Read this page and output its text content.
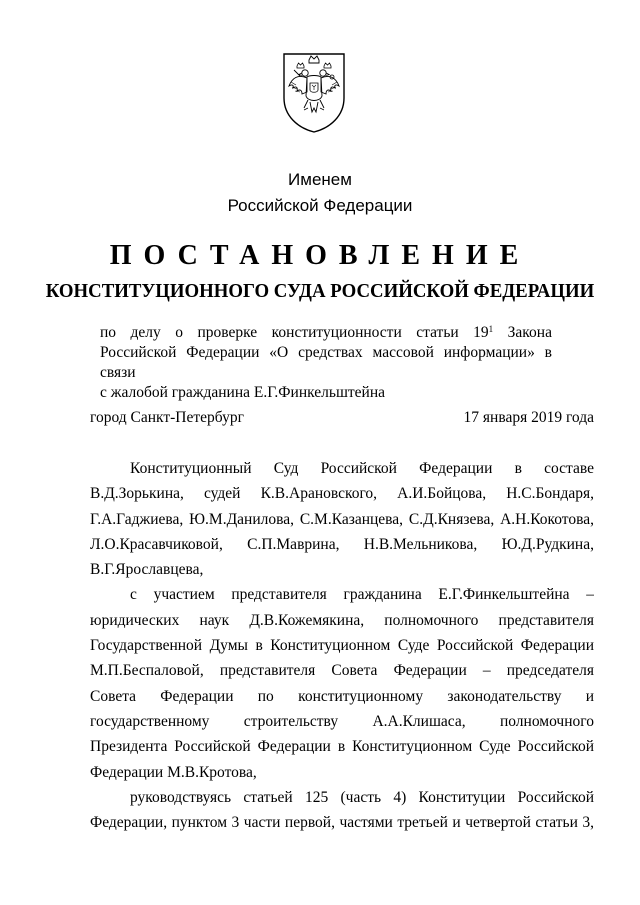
Именем
Российской Федерации
ПОСТАНОВЛЕНИЕ
КОНСТИТУЦИОННОГО СУДА РОССИЙСКОЙ ФЕДЕРАЦИИ
по делу о проверке конституционности статьи $19^1$ Закона
Российской Федерации «О средствах массовой информации» в связи
с жалобой гражданина Е.Г.Финкельштейна
город Санкт-Петербург	17 января 2019 года
Конституционный Суд Российской Федерации в составе
В.Д.Зорькина, судей К.В.Арановского, А.И.Бойцова, Н.С.Бондаря,
Г.А.Гаджиева, Ю.М.Данилова, С.М.Казанцева, С.Д.Князева, А.Н.Кокотова,
Л.О.Красавчиковой, С.П.Маврина, Н.В.Мельникова, Ю.Д.Рудкина,
В.Г.Ярославцева,
с участием представителя гражданина Е.Г.Финкельштейна –
юридических наук Д.В.Кожемякина, полномочного представителя
Государственной Думы в Конституционном Суде Российской Федерации
М.П.Беспаловой, представителя Совета Федерации – председателя
Совета Федерации по конституционному законодательству и
государственному строительству А.А.Клишаса, полномочного
Президента Российской Федерации в Конституционном Суде Российской
Федерации М.В.Кротова,
руководствуясь статьей 125 (часть 4) Конституции Российской
Федерации, пунктом 3 части первой, частями третьей и четвертой статьи 3,
